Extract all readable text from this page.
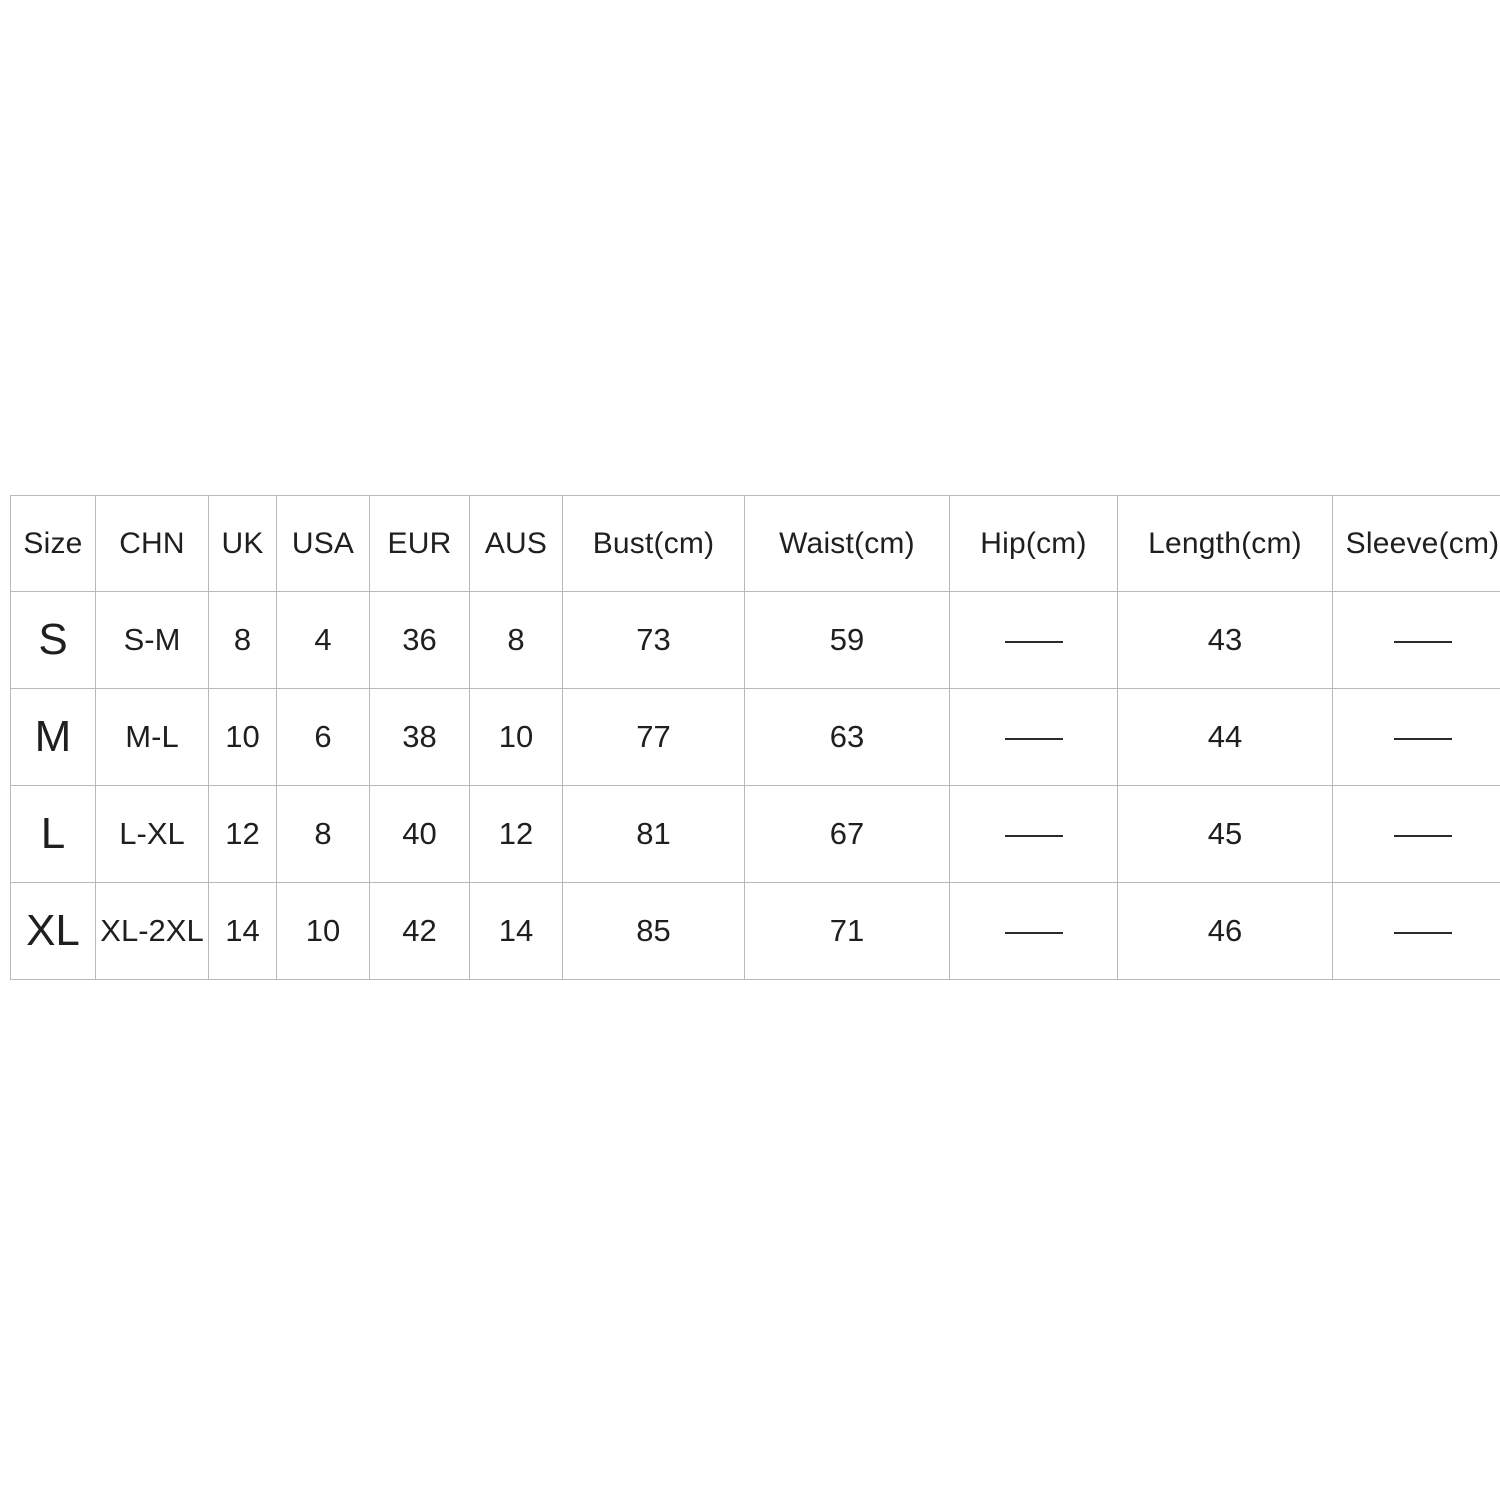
Size	CHN	UK	USA	EUR	AUS	Bust(cm)	Waist(cm)	Hip(cm)	Length(cm)	Sleeve(cm)
S	S-M	8	4	36	8	73	59		43	
M	M-L	10	6	38	10	77	63		44	
L	L-XL	12	8	40	12	81	67		45	
XL	XL-2XL	14	10	42	14	85	71		46	
